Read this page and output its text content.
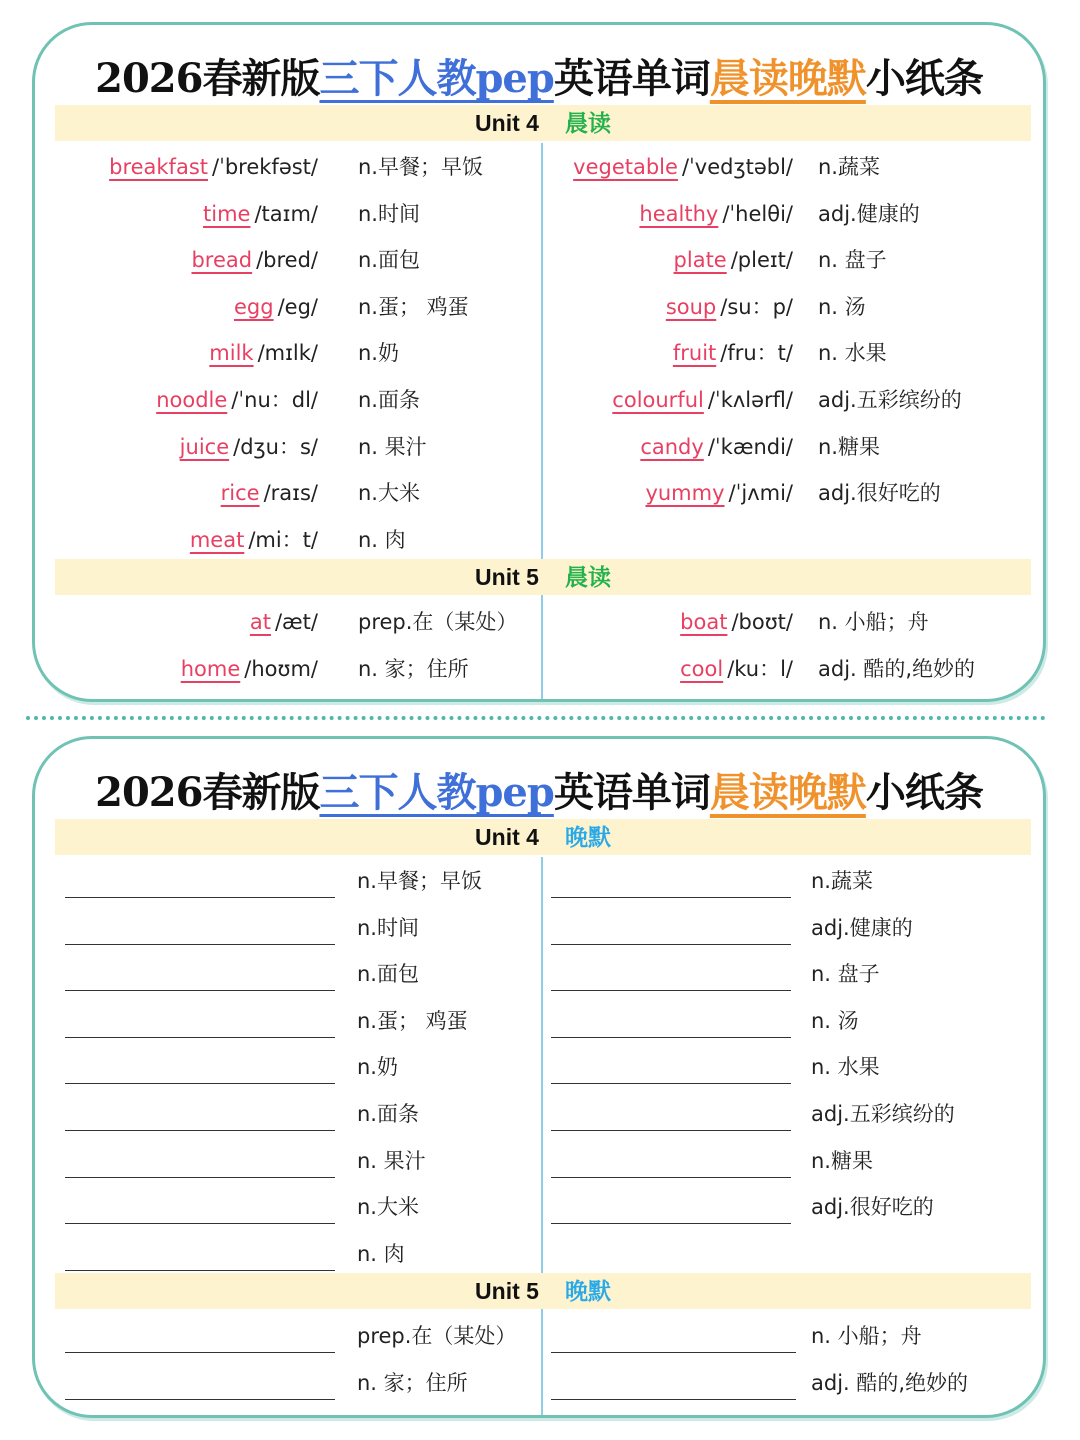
2026春新版三下人教pep英语单词晨读晚默小纸条
Unit 4 晨读
breakfast /ˈbrekfəst/ n.早餐；早饭
time /taɪm/ n.时间
bread /bred/ n.面包
egg /eg/ n.蛋； 鸡蛋
milk /mɪlk/ n.奶
noodle /ˈnu：dl/ n.面条
juice /dʒu：s/ n. 果汁
rice /raɪs/ n.大米
meat /mi：t/ n. 肉
vegetable /ˈvedʒtəbl/ n.蔬菜
healthy /ˈhelθi/ adj.健康的
plate /pleɪt/ n. 盘子
soup /su：p/ n. 汤
fruit /fru：t/ n. 水果
colourful /ˈkʌlərfl/ adj.五彩缤纷的
candy /ˈkændi/ n.糖果
yummy /ˈjʌmi/ adj.很好吃的
Unit 5 晨读
at /æt/ prep.在（某处）
home /hoʊm/ n. 家；住所
boat /boʊt/ n. 小船；舟
cool /ku：l/ adj. 酷的,绝妙的
2026春新版三下人教pep英语单词晨读晚默小纸条
Unit 4 晚默
n.早餐；早饭
n.时间
n.面包
n.蛋； 鸡蛋
n.奶
n.面条
n. 果汁
n.大米
n. 肉
n.蔬菜
adj.健康的
n. 盘子
n. 汤
n. 水果
adj.五彩缤纷的
n.糖果
adj.很好吃的
Unit 5 晚默
prep.在（某处）
n. 家；住所
n. 小船；舟
adj. 酷的,绝妙的
